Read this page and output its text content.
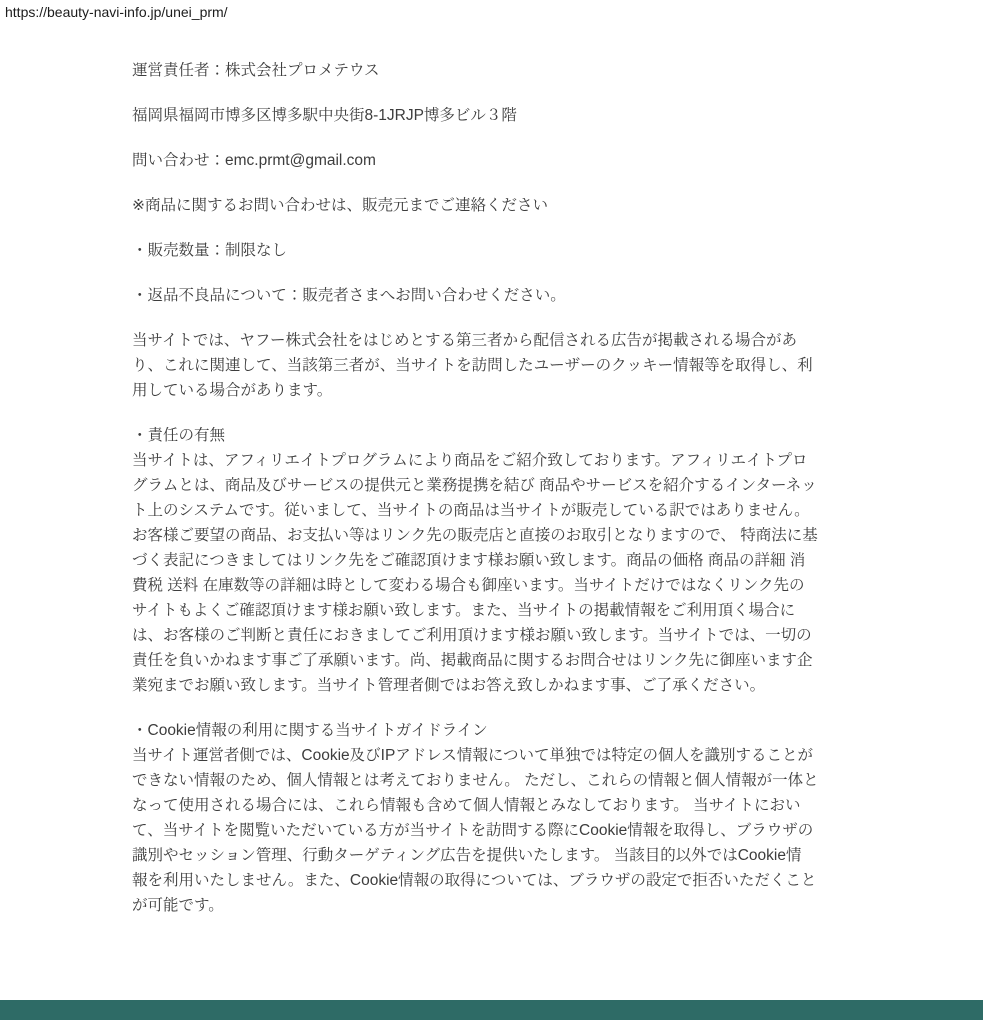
https://beauty-navi-info.jp/unei_prm/

運営責任者：株式会社プロメテウス

福岡県福岡市博多区博多駅中央街8-1JRJP博多ビル３階

問い合わせ：emc.prmt@gmail.com

※商品に関するお問い合わせは、販売元までご連絡ください

・販売数量：制限なし

・返品不良品について：販売者さまへお問い合わせください。

当サイトでは、ヤフー株式会社をはじめとする第三者から配信される広告が掲載される場合があ
り、これに関連して、当該第三者が、当サイトを訪問したユーザーのクッキー情報等を取得し、利
用している場合があります。

・責任の有無
当サイトは、アフィリエイトプログラムにより商品をご紹介致しております。アフィリエイトプロ
グラムとは、商品及びサービスの提供元と業務提携を結び 商品やサービスを紹介するインターネッ
ト上のシステムです。従いまして、当サイトの商品は当サイトが販売している訳ではありません。
お客様ご要望の商品、お支払い等はリンク先の販売店と直接のお取引となりますので、 特商法に基
づく表記につきましてはリンク先をご確認頂けます様お願い致します。商品の価格 商品の詳細 消
費税 送料 在庫数等の詳細は時として変わる場合も御座います。当サイトだけではなくリンク先の
サイトもよくご確認頂けます様お願い致します。また、当サイトの掲載情報をご利用頂く場合に
は、お客様のご判断と責任におきましてご利用頂けます様お願い致します。当サイトでは、一切の
責任を負いかねます事ご了承願います。尚、掲載商品に関するお問合せはリンク先に御座います企
業宛までお願い致します。当サイト管理者側ではお答え致しかねます事、ご了承ください。

・Cookie情報の利用に関する当サイトガイドライン
当サイト運営者側では、Cookie及びIPアドレス情報について単独では特定の個人を識別することが
できない情報のため、個人情報とは考えておりません。 ただし、これらの情報と個人情報が一体と
なって使用される場合には、これら情報も含めて個人情報とみなしております。 当サイトにおい
て、当サイトを閲覧いただいている方が当サイトを訪問する際にCookie情報を取得し、ブラウザの
識別やセッション管理、行動ターゲティング広告を提供いたします。 当該目的以外ではCookie情
報を利用いたしません。また、Cookie情報の取得については、ブラウザの設定で拒否いただくこと
が可能です。
